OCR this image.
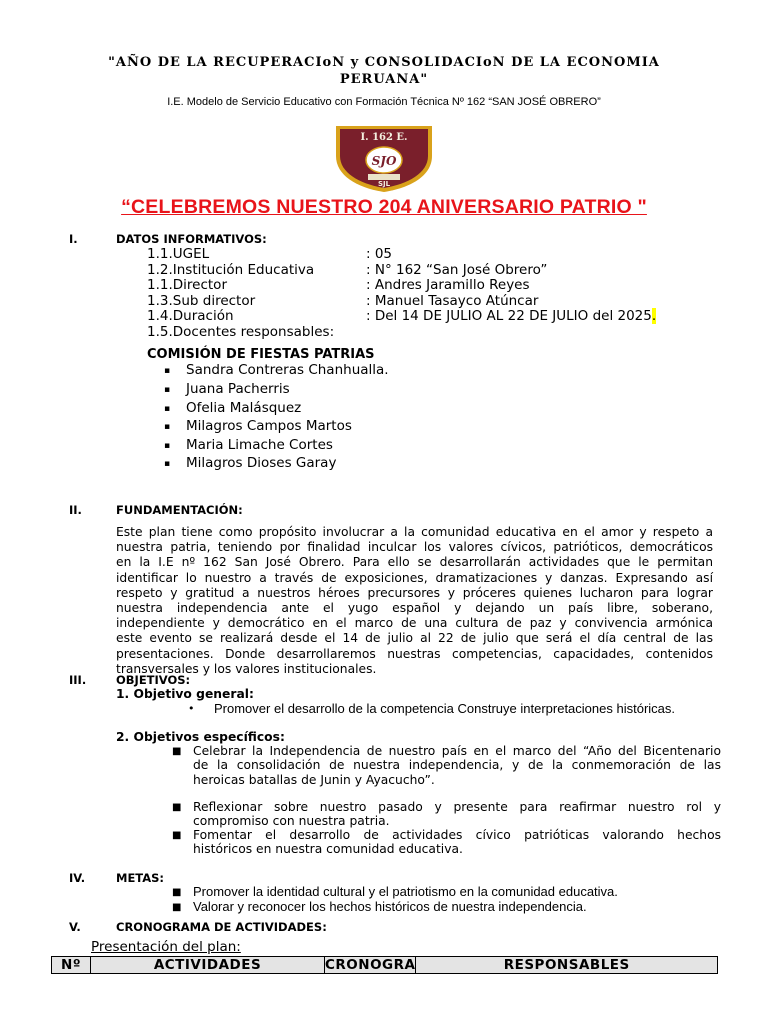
"AÑO DE LA RECUPERACIoN y CONSOLIDACIoN DE LA ECONOMIA
PERUANA"
I.E. Modelo de Servicio Educativo con Formación Técnica Nº 162 “SAN JOSÉ OBRERO”
I. 162 E.
SJO
SJL
“CELEBREMOS NUESTRO 204 ANIVERSARIO PATRIO "
I.	DATOS INFORMATIVOS:
1.1.UGEL	: 05
1.2.Institución Educativa	: N° 162 “San José Obrero”
1.1.Director	: Andres Jaramillo Reyes
1.3.Sub director	: Manuel Tasayco Atúncar
1.4.Duración	: Del 14 DE JULIO AL 22 DE JULIO del 2025.
1.5.Docentes responsables:
COMISIÓN DE FIESTAS PATRIAS
▪ Sandra Contreras Chanhualla.
▪ Juana Pacherris
▪ Ofelia Malásquez
▪ Milagros Campos Martos
▪ Maria Limache Cortes
▪ Milagros Dioses Garay
II.	FUNDAMENTACIÓN:
Este plan tiene como propósito involucrar a la comunidad educativa en el amor y respeto a
nuestra patria, teniendo por finalidad inculcar los valores cívicos, patrióticos, democráticos
en la I.E nº 162 San José Obrero. Para ello se desarrollarán actividades que le permitan
identificar lo nuestro a través de exposiciones, dramatizaciones y danzas. Expresando así
respeto y gratitud a nuestros héroes precursores y próceres quienes lucharon para lograr
nuestra independencia ante el yugo español y dejando un país libre, soberano,
independiente y democrático en el marco de una cultura de paz y convivencia armónica
este evento se realizará desde el 14 de julio al 22 de julio que será el día central de las
presentaciones. Donde desarrollaremos nuestras competencias, capacidades, contenidos
transversales y los valores institucionales.
III.	OBJETIVOS:
1. Objetivo general:
• Promover el desarrollo de la competencia Construye interpretaciones históricas.
2. Objetivos específicos:
■ Celebrar la Independencia de nuestro país en el marco del “Año del Bicentenario
de la consolidación de nuestra independencia, y de la conmemoración de las
heroicas batallas de Junin y Ayacucho”.
■ Reflexionar sobre nuestro pasado y presente para reafirmar nuestro rol y
compromiso con nuestra patria.
■ Fomentar el desarrollo de actividades cívico patrióticas valorando hechos
históricos en nuestra comunidad educativa.
IV.	METAS:
■ Promover la identidad cultural y el patriotismo en la comunidad educativa.
■ Valorar y reconocer los hechos históricos de nuestra independencia.
V.	CRONOGRAMA DE ACTIVIDADES:
Presentación del plan:
Nº	ACTIVIDADES	CRONOGRA	RESPONSABLES
